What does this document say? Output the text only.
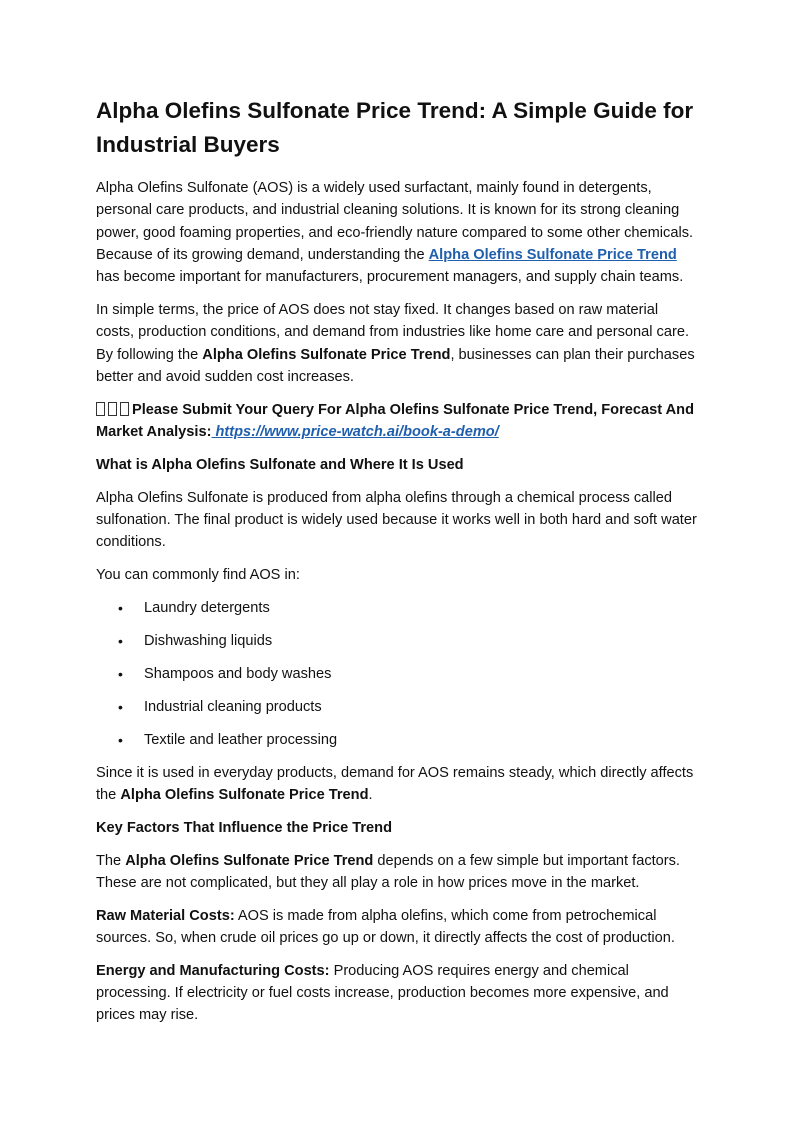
Alpha Olefins Sulfonate Price Trend: A Simple Guide for Industrial Buyers

Alpha Olefins Sulfonate (AOS) is a widely used surfactant, mainly found in detergents, personal care products, and industrial cleaning solutions. It is known for its strong cleaning power, good foaming properties, and eco-friendly nature compared to some other chemicals. Because of its growing demand, understanding the Alpha Olefins Sulfonate Price Trend has become important for manufacturers, procurement managers, and supply chain teams.

In simple terms, the price of AOS does not stay fixed. It changes based on raw material costs, production conditions, and demand from industries like home care and personal care. By following the Alpha Olefins Sulfonate Price Trend, businesses can plan their purchases better and avoid sudden cost increases.

Please Submit Your Query For Alpha Olefins Sulfonate Price Trend, Forecast And Market Analysis: https://www.price-watch.ai/book-a-demo/

What is Alpha Olefins Sulfonate and Where It Is Used

Alpha Olefins Sulfonate is produced from alpha olefins through a chemical process called sulfonation. The final product is widely used because it works well in both hard and soft water conditions.

You can commonly find AOS in:

• Laundry detergents
• Dishwashing liquids
• Shampoos and body washes
• Industrial cleaning products
• Textile and leather processing

Since it is used in everyday products, demand for AOS remains steady, which directly affects the Alpha Olefins Sulfonate Price Trend.

Key Factors That Influence the Price Trend

The Alpha Olefins Sulfonate Price Trend depends on a few simple but important factors. These are not complicated, but they all play a role in how prices move in the market.

Raw Material Costs: AOS is made from alpha olefins, which come from petrochemical sources. So, when crude oil prices go up or down, it directly affects the cost of production.

Energy and Manufacturing Costs: Producing AOS requires energy and chemical processing. If electricity or fuel costs increase, production becomes more expensive, and prices may rise.
